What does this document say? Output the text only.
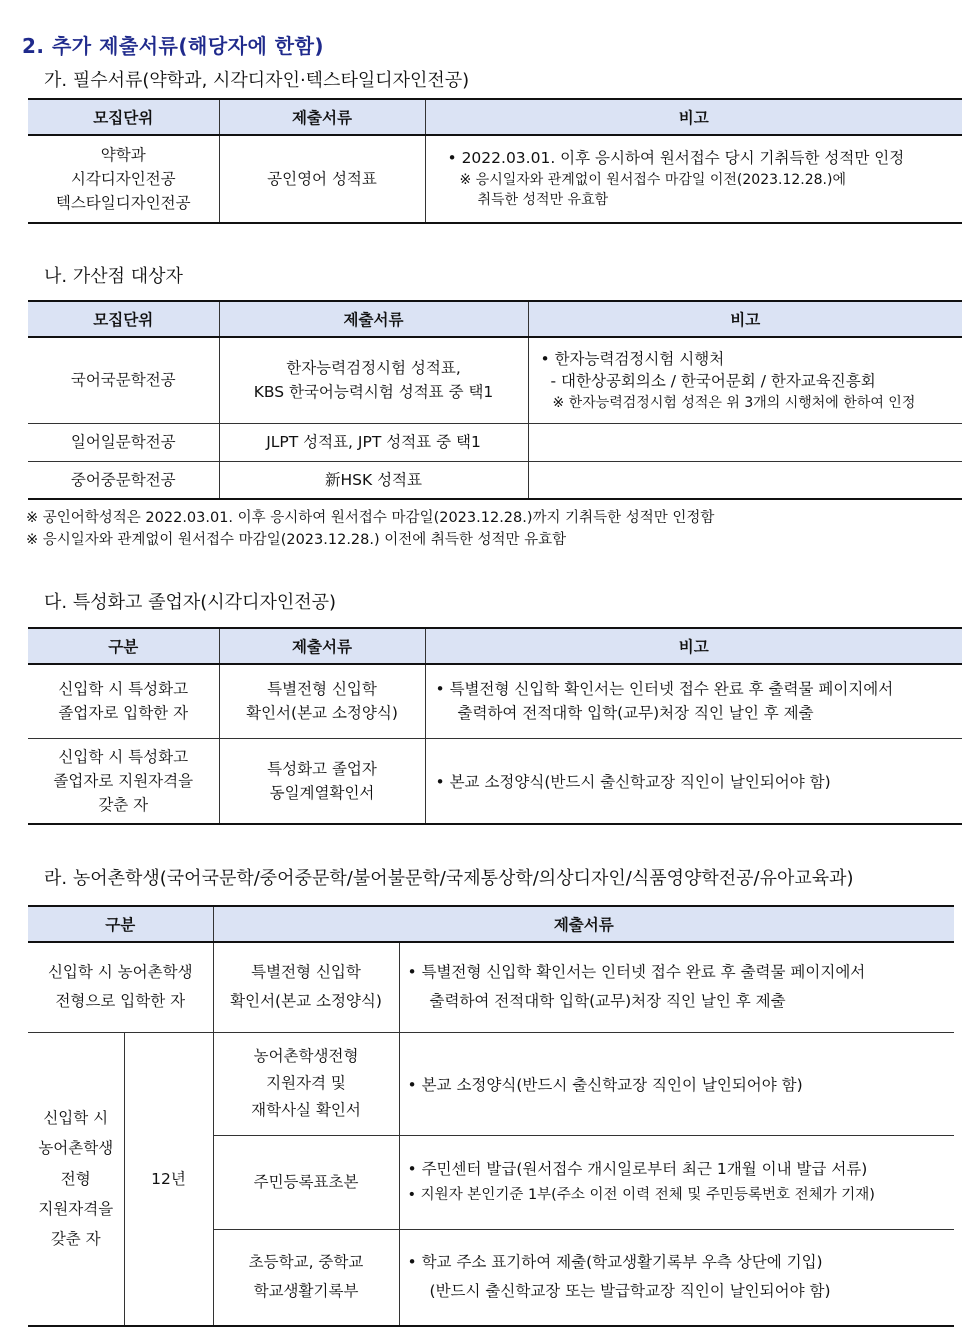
2. 추가 제출서류(해당자에 한함)
가. 필수서류(약학과, 시각디자인·텍스타일디자인전공)
모집단위	제출서류	비고

약학과
시각디자인전공
텍스타일디자인전공	공인영어 성적표	• 2022.03.01. 이후 응시하여 원서접수 당시 기취득한 성적만 인정
※ 응시일자와 관계없이 원서접수 마감일 이전(2023.12.28.)에
취득한 성적만 유효함
나. 가산점 대상자
모집단위	제출서류	비고
국어국문학전공	한자능력검정시험 성적표,
KBS 한국어능력시험 성적표 중 택1	• 한자능력검정시험 시행처
- 대한상공회의소 / 한국어문회 / 한자교육진흥회
※ 한자능력검정시험 성적은 위 3개의 시행처에 한하여 인정

일어일문학전공	JLPT 성적표, JPT 성적표 중 택1	
중어중문학전공	新HSK 성적표	
※ 공인어학성적은 2022.03.01. 이후 응시하여 원서접수 마감일(2023.12.28.)까지 기취득한 성적만 인정함
※ 응시일자와 관계없이 원서접수 마감일(2023.12.28.) 이전에 취득한 성적만 유효함
다. 특성화고 졸업자(시각디자인전공)
구분	제출서류	비고

신입학 시 특성화고
졸업자로 입학한 자	특별전형 신입학
확인서(본교 소정양식)	• 특별전형 신입학 확인서는 인터넷 접수 완료 후 출력물 페이지에서
출력하여 전적대학 입학(교무)처장 직인 날인 후 제출

신입학 시 특성화고
졸업자로 지원자격을
갖춘 자	특성화고 졸업자
동일계열확인서	• 본교 소정양식(반드시 출신학교장 직인이 날인되어야 함)
라. 농어촌학생(국어국문학/중어중문학/불어불문학/국제통상학/의상디자인/식품영양학전공/유아교육과)
구분		제출서류	

신입학 시 농어촌학생
전형으로 입학한 자		특별전형 신입학
확인서(본교 소정양식)	• 특별전형 신입학 확인서는 인터넷 접수 완료 후 출력물 페이지에서
출력하여 전적대학 입학(교무)처장 직인 날인 후 제출

신입학 시
농어촌학생
전형
지원자격을
갖춘 자	12년	농어촌학생전형
지원자격 및
재학사실 확인서	• 본교 소정양식(반드시 출신학교장 직인이 날인되어야 함)
		주민등록표초본	• 주민센터 발급(원서접수 개시일로부터 최근 1개월 이내 발급 서류)
• 지원자 본인기준 1부(주소 이전 이력 전체 및 주민등록번호 전체가 기재)

		초등학교, 중학교
학교생활기록부	• 학교 주소 표기하여 제출(학교생활기록부 우측 상단에 기입)
(반드시 출신학교장 또는 발급학교장 직인이 날인되어야 함)
